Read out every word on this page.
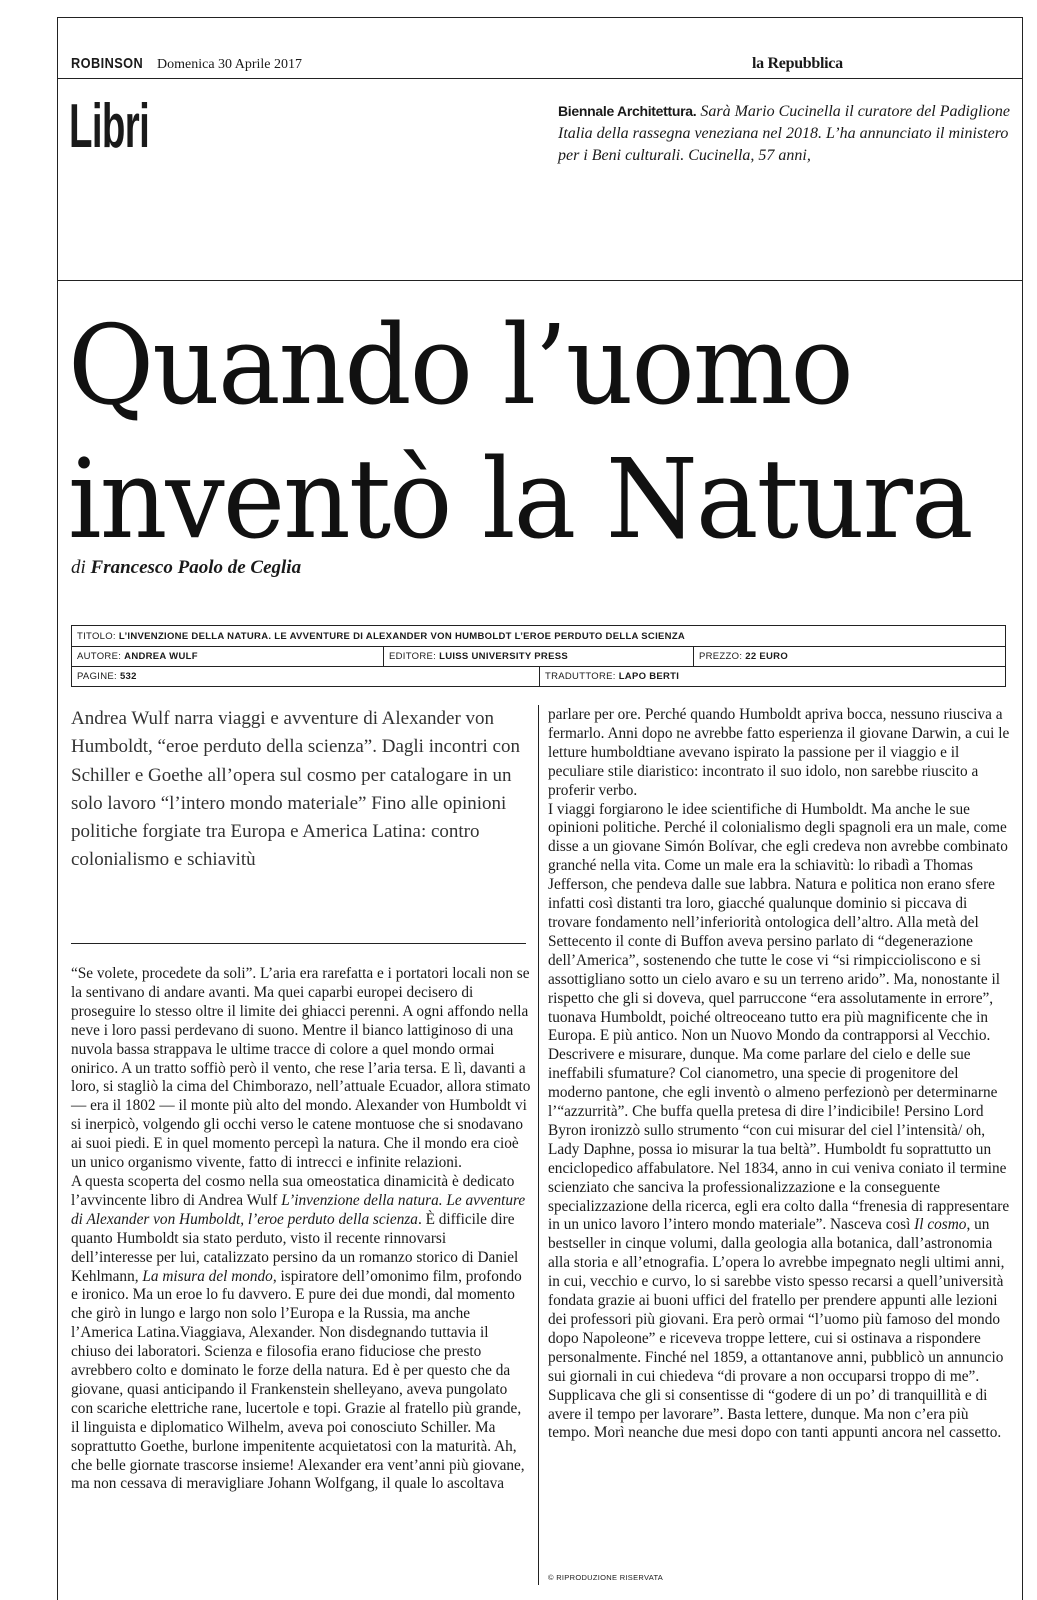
ROBINSON Domenica 30 Aprile 2017	la Repubblica
Libri	Biennale Architettura. Sarà Mario Cucinella il curatore del Padiglione Italia della rassegna veneziana nel 2018. L’ha annunciato il ministero per i Beni culturali. Cucinella, 57 anni,
Quando l’uomo
inventò la Natura
di Francesco Paolo de Ceglia
TITOLO: L’INVENZIONE DELLA NATURA. LE AVVENTURE DI ALEXANDER VON HUMBOLDT L’EROE PERDUTO DELLA SCIENZA
AUTORE: ANDREA WULF	EDITORE: LUISS UNIVERSITY PRESS	PREZZO: 22 EURO
PAGINE: 532	TRADUTTORE: LAPO BERTI
Andrea Wulf narra viaggi e avventure di Alexander von Humboldt, “eroe perduto della scienza”. Dagli incontri con Schiller e Goethe all’opera sul cosmo per catalogare in un solo lavoro “l’intero mondo materiale” Fino alle opinioni politiche forgiate tra Europa e America Latina: contro colonialismo e schiavitù

“Se volete, procedete da soli”. L’aria era rarefatta e i portatori locali non se la sentivano di andare avanti. Ma quei caparbi europei decisero di proseguire lo stesso oltre il limite dei ghiacci perenni. A ogni affondo nella neve i loro passi perdevano di suono. Mentre il bianco lattiginoso di una nuvola bassa strappava le ultime tracce di colore a quel mondo ormai onirico. A un tratto soffiò però il vento, che rese l’aria tersa. E lì, davanti a loro, si stagliò la cima del Chimborazo, nell’attuale Ecuador, allora stimato — era il 1802 — il monte più alto del mondo. Alexander von Humboldt vi si inerpicò, volgendo gli occhi verso le catene montuose che si snodavano ai suoi piedi. E in quel momento percepì la natura. Che il mondo era cioè un unico organismo vivente, fatto di intrecci e infinite relazioni.

A questa scoperta del cosmo nella sua omeostatica dinamicità è dedicato l’avvincente libro di Andrea Wulf L’invenzione della natura. Le avventure di Alexander von Humboldt, l’eroe perduto della scienza. È difficile dire quanto Humboldt sia stato perduto, visto il recente rinnovarsi dell’interesse per lui, catalizzato persino da un romanzo storico di Daniel Kehlmann, La misura del mondo, ispiratore dell’omonimo film, profondo e ironico. Ma un eroe lo fu davvero. E pure dei due mondi, dal momento che girò in lungo e largo non solo l’Europa e la Russia, ma anche l’America Latina.Viaggiava, Alexander. Non disdegnando tuttavia il chiuso dei laboratori. Scienza e filosofia erano fiduciose che presto avrebbero colto e dominato le forze della natura. Ed è per questo che da giovane, quasi anticipando il Frankenstein shelleyano, aveva pungolato con scariche elettriche rane, lucertole e topi. Grazie al fratello più grande, il linguista e diplomatico Wilhelm, aveva poi conosciuto Schiller. Ma soprattutto Goethe, burlone impenitente acquietatosi con la maturità. Ah, che belle giornate trascorse insieme! Alexander era vent’anni più giovane, ma non cessava di meravigliare Johann Wolfgang, il quale lo ascoltava

parlare per ore. Perché quando Humboldt apriva bocca, nessuno riusciva a fermarlo. Anni dopo ne avrebbe fatto esperienza il giovane Darwin, a cui le letture humboldtiane avevano ispirato la passione per il viaggio e il peculiare stile diaristico: incontrato il suo idolo, non sarebbe riuscito a proferir verbo.

I viaggi forgiarono le idee scientifiche di Humboldt. Ma anche le sue opinioni politiche. Perché il colonialismo degli spagnoli era un male, come disse a un giovane Simón Bolívar, che egli credeva non avrebbe combinato granché nella vita. Come un male era la schiavitù: lo ribadì a Thomas Jefferson, che pendeva dalle sue labbra. Natura e politica non erano sfere infatti così distanti tra loro, giacché qualunque dominio si piccava di trovare fondamento nell’inferiorità ontologica dell’altro. Alla metà del Settecento il conte di Buffon aveva persino parlato di “degenerazione dell’America”, sostenendo che tutte le cose vi “si rimpiccioliscono e si assottigliano sotto un cielo avaro e su un terreno arido”. Ma, nonostante il rispetto che gli si doveva, quel parruccone “era assolutamente in errore”, tuonava Humboldt, poiché oltreoceano tutto era più magnificente che in Europa. E più antico. Non un Nuovo Mondo da contrapporsi al Vecchio. Descrivere e misurare, dunque. Ma come parlare del cielo e delle sue ineffabili sfumature? Col cianometro, una specie di progenitore del moderno pantone, che egli inventò o almeno perfezionò per determinarne l’“azzurrità”. Che buffa quella pretesa di dire l’indicibile! Persino Lord Byron ironizzò sullo strumento “con cui misurar del ciel l’intensità/ oh, Lady Daphne, possa io misurar la tua beltà”. Humboldt fu soprattutto un enciclopedico affabulatore. Nel 1834, anno in cui veniva coniato il termine scienziato che sanciva la professionalizzazione e la conseguente specializzazione della ricerca, egli era colto dalla “frenesia di rappresentare in un unico lavoro l’intero mondo materiale”. Nasceva così Il cosmo, un bestseller in cinque volumi, dalla geologia alla botanica, dall’astronomia alla storia e all’etnografia. L’opera lo avrebbe impegnato negli ultimi anni, in cui, vecchio e curvo, lo si sarebbe visto spesso recarsi a quell’università fondata grazie ai buoni uffici del fratello per prendere appunti alle lezioni dei professori più giovani. Era però ormai “l’uomo più famoso del mondo dopo Napoleone” e riceveva troppe lettere, cui si ostinava a rispondere personalmente. Finché nel 1859, a ottantanove anni, pubblicò un annuncio sui giornali in cui chiedeva “di provare a non occuparsi troppo di me”. Supplicava che gli si consentisse di “godere di un po’ di tranquillità e di avere il tempo per lavorare”. Basta lettere, dunque. Ma non c’era più tempo. Morì neanche due mesi dopo con tanti appunti ancora nel cassetto.

© RIPRODUZIONE RISERVATA
